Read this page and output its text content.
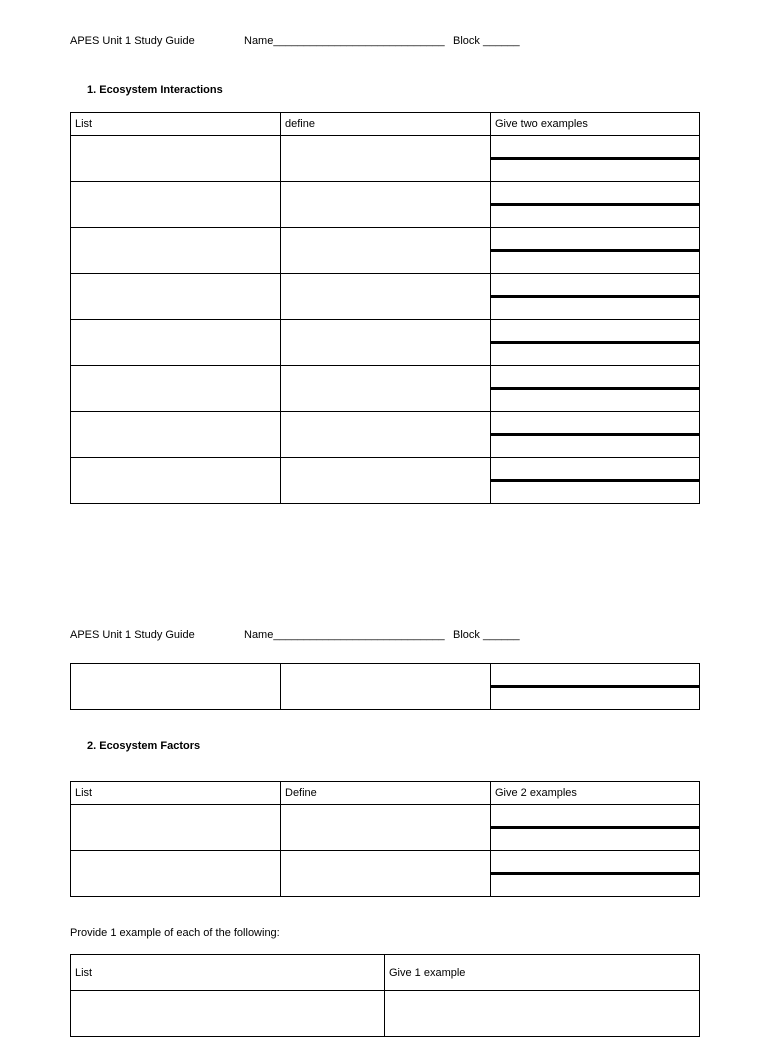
APES Unit 1 Study Guide	Name____________________________ Block ______
1. Ecosystem Interactions
List	define	Give two examples

APES Unit 1 Study Guide	Name____________________________ Block ______

2. Ecosystem Factors
List	Define	Give 2 examples

Provide 1 example of each of the following:
List	Give 1 example
